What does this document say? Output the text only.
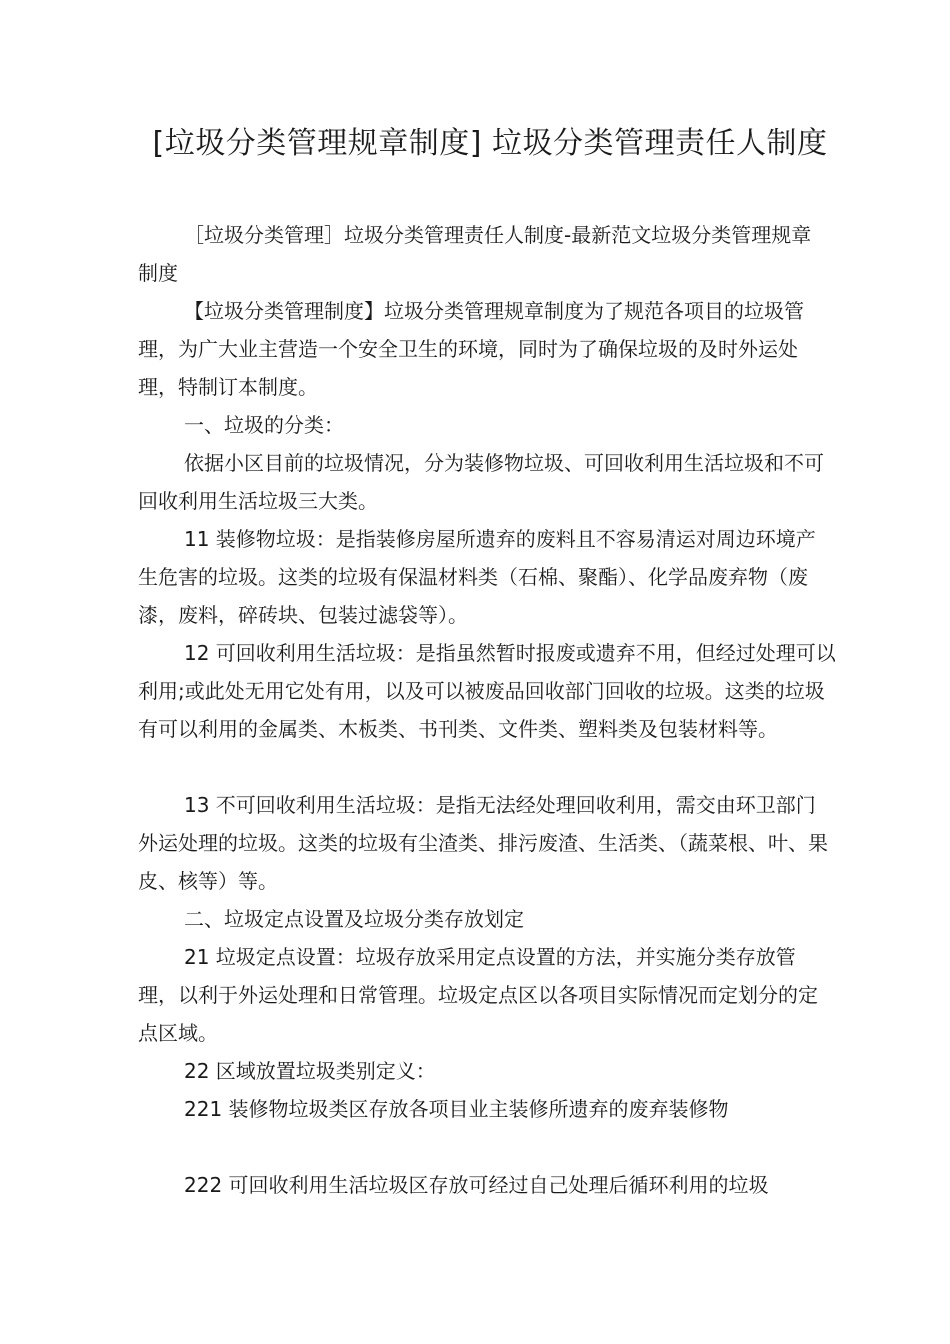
[垃圾分类管理规章制度] 垃圾分类管理责任人制度
［垃圾分类管理］垃圾分类管理责任人制度-最新范文垃圾分类管理规章制度
【垃圾分类管理制度】垃圾分类管理规章制度为了规范各项目的垃圾管理，为广大业主营造一个安全卫生的环境，同时为了确保垃圾的及时外运处理，特制订本制度。
一、垃圾的分类：
依据小区目前的垃圾情况，分为装修物垃圾、可回收利用生活垃圾和不可回收利用生活垃圾三大类。
11 装修物垃圾：是指装修房屋所遗弃的废料且不容易清运对周边环境产生危害的垃圾。这类的垃圾有保温材料类（石棉、聚酯）、化学品废弃物（废漆，废料，碎砖块、包装过滤袋等）。
12 可回收利用生活垃圾：是指虽然暂时报废或遗弃不用，但经过处理可以利用;或此处无用它处有用，以及可以被废品回收部门回收的垃圾。这类的垃圾有可以利用的金属类、木板类、书刊类、文件类、塑料类及包装材料等。
13 不可回收利用生活垃圾：是指无法经处理回收利用，需交由环卫部门外运处理的垃圾。这类的垃圾有尘渣类、排污废渣、生活类、（蔬菜根、叶、果皮、核等）等。
二、垃圾定点设置及垃圾分类存放划定
21 垃圾定点设置：垃圾存放采用定点设置的方法，并实施分类存放管理，以利于外运处理和日常管理。垃圾定点区以各项目实际情况而定划分的定点区域。
22 区域放置垃圾类别定义：
221 装修物垃圾类区存放各项目业主装修所遗弃的废弃装修物
222 可回收利用生活垃圾区存放可经过自己处理后循环利用的垃圾
